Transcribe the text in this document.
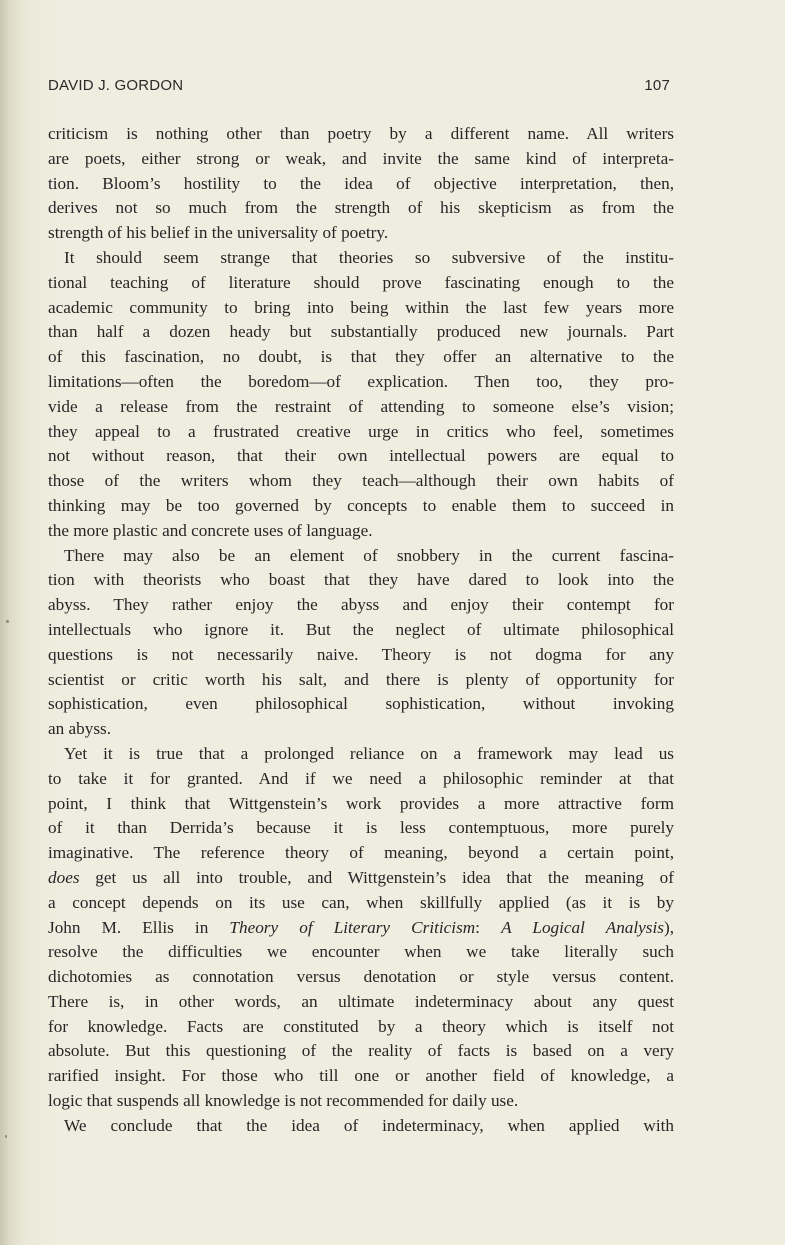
DAVID J. GORDON	107
criticism is nothing other than poetry by a different name. All writers
are poets, either strong or weak, and invite the same kind of interpreta-
tion. Bloom’s hostility to the idea of objective interpretation, then,
derives not so much from the strength of his skepticism as from the
strength of his belief in the universality of poetry.
It should seem strange that theories so subversive of the institu-
tional teaching of literature should prove fascinating enough to the
academic community to bring into being within the last few years more
than half a dozen heady but substantially produced new journals. Part
of this fascination, no doubt, is that they offer an alternative to the
limitations—often the boredom—of explication. Then too, they pro-
vide a release from the restraint of attending to someone else’s vision;
they appeal to a frustrated creative urge in critics who feel, sometimes
not without reason, that their own intellectual powers are equal to
those of the writers whom they teach—although their own habits of
thinking may be too governed by concepts to enable them to succeed in
the more plastic and concrete uses of language.
There may also be an element of snobbery in the current fascina-
tion with theorists who boast that they have dared to look into the
abyss. They rather enjoy the abyss and enjoy their contempt for
intellectuals who ignore it. But the neglect of ultimate philosophical
questions is not necessarily naive. Theory is not dogma for any
scientist or critic worth his salt, and there is plenty of opportunity for
sophistication, even philosophical sophistication, without invoking
an abyss.
Yet it is true that a prolonged reliance on a framework may lead us
to take it for granted. And if we need a philosophic reminder at that
point, I think that Wittgenstein’s work provides a more attractive form
of it than Derrida’s because it is less contemptuous, more purely
imaginative. The reference theory of meaning, beyond a certain point,
does get us all into trouble, and Wittgenstein’s idea that the meaning of
a concept depends on its use can, when skillfully applied (as it is by
John M. Ellis in Theory of Literary Criticism: A Logical Analysis),
resolve the difficulties we encounter when we take literally such
dichotomies as connotation versus denotation or style versus content.
There is, in other words, an ultimate indeterminacy about any quest
for knowledge. Facts are constituted by a theory which is itself not
absolute. But this questioning of the reality of facts is based on a very
rarified insight. For those who till one or another field of knowledge, a
logic that suspends all knowledge is not recommended for daily use.
We conclude that the idea of indeterminacy, when applied with
